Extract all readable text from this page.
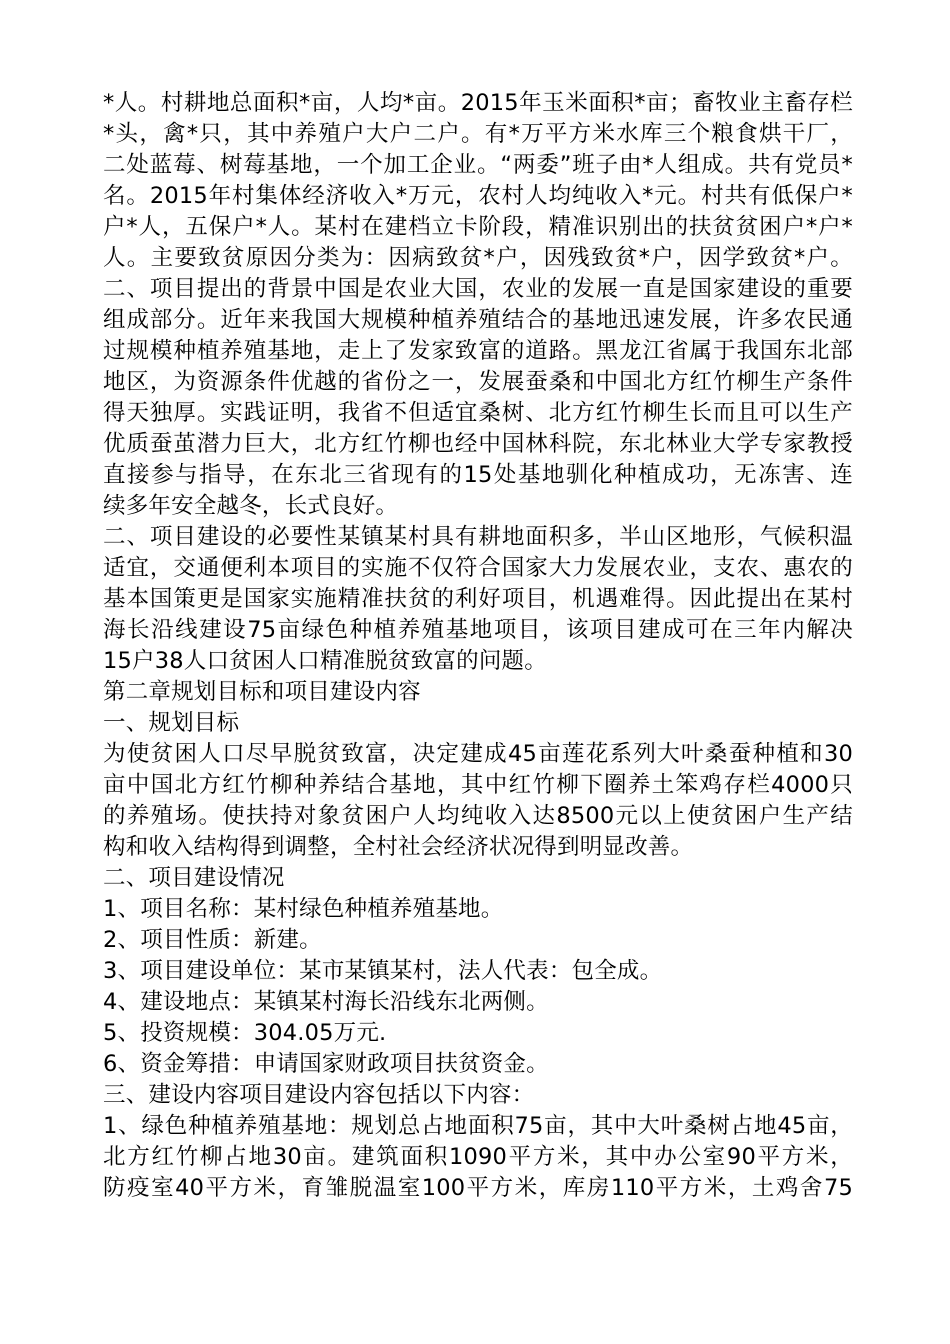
*人。村耕地总面积*亩，人均*亩。2015年玉米面积*亩；畜牧业主畜存栏
*头，禽*只，其中养殖户大户二户。有*万平方米水库三个粮食烘干厂，
二处蓝莓、树莓基地，一个加工企业。“两委”班子由*人组成。共有党员*
名。2015年村集体经济收入*万元，农村人均纯收入*元。村共有低保户*
户*人，五保户*人。某村在建档立卡阶段，精准识别出的扶贫贫困户*户*
人。主要致贫原因分类为：因病致贫*户，因残致贫*户，因学致贫*户。
二、项目提出的背景中国是农业大国，农业的发展一直是国家建设的重要
组成部分。近年来我国大规模种植养殖结合的基地迅速发展，许多农民通
过规模种植养殖基地，走上了发家致富的道路。黑龙江省属于我国东北部
地区，为资源条件优越的省份之一，发展蚕桑和中国北方红竹柳生产条件
得天独厚。实践证明，我省不但适宜桑树、北方红竹柳生长而且可以生产
优质蚕茧潜力巨大，北方红竹柳也经中国林科院，东北林业大学专家教授
直接参与指导，在东北三省现有的15处基地驯化种植成功，无冻害、连
续多年安全越冬，长式良好。
二、项目建设的必要性某镇某村具有耕地面积多，半山区地形，气候积温
适宜，交通便利本项目的实施不仅符合国家大力发展农业，支农、惠农的
基本国策更是国家实施精准扶贫的利好项目，机遇难得。因此提出在某村
海长沿线建设75亩绿色种植养殖基地项目，该项目建成可在三年内解决
15户38人口贫困人口精准脱贫致富的问题。
第二章规划目标和项目建设内容
一、规划目标
为使贫困人口尽早脱贫致富，决定建成45亩莲花系列大叶桑蚕种植和30
亩中国北方红竹柳种养结合基地，其中红竹柳下圈养土笨鸡存栏4000只
的养殖场。使扶持对象贫困户人均纯收入达8500元以上使贫困户生产结
构和收入结构得到调整，全村社会经济状况得到明显改善。
二、项目建设情况
1、项目名称：某村绿色种植养殖基地。
2、项目性质：新建。
3、项目建设单位：某市某镇某村，法人代表：包全成。
4、建设地点：某镇某村海长沿线东北两侧。
5、投资规模：304.05万元.
6、资金筹措：申请国家财政项目扶贫资金。
三、建设内容项目建设内容包括以下内容：
1、绿色种植养殖基地：规划总占地面积75亩，其中大叶桑树占地45亩，
北方红竹柳占地30亩。建筑面积1090平方米，其中办公室90平方米，
防疫室40平方米，育雏脱温室100平方米，库房110平方米，土鸡舍75
